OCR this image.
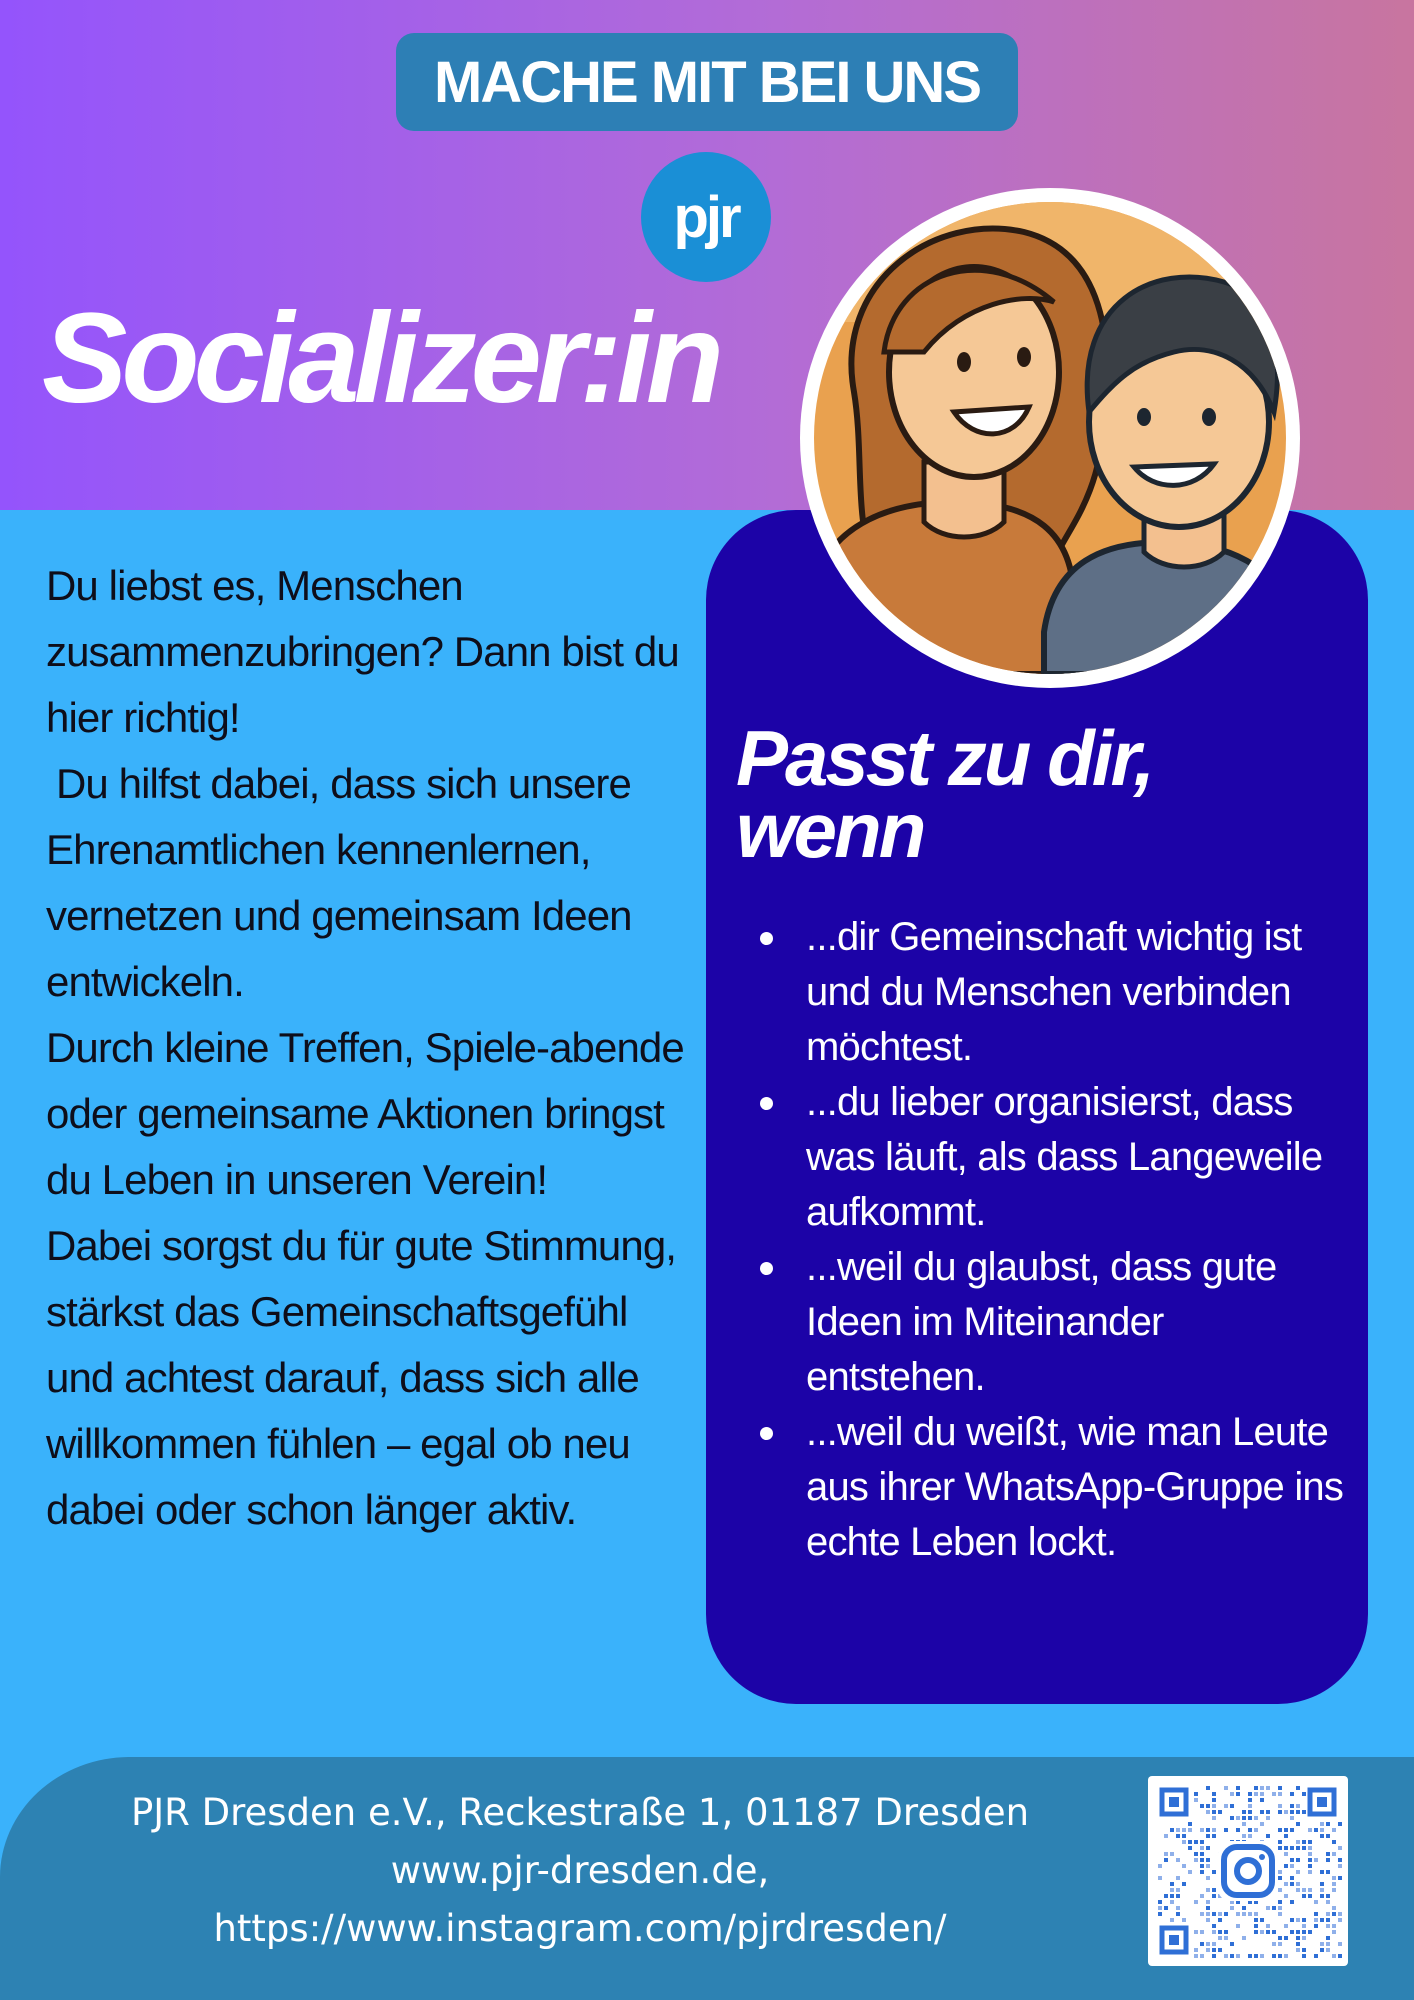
MACHE MIT BEI UNS
pjr
Socializer:in
Passt zu dir, wenn
...dir Gemeinschaft wichtig ist und du Menschen verbinden möchtest.
...du lieber organisierst, dass was läuft, als dass Langeweile aufkommt.
...weil du glaubst, dass gute Ideen im Miteinander entstehen.
...weil du weißt, wie man Leute aus ihrer WhatsApp-Gruppe ins echte Leben lockt.

Du liebst es, Menschen zusammenzubringen? Dann bist du hier richtig!

Du hilfst dabei, dass sich unsere Ehrenamtlichen kennenlernen, vernetzen und gemeinsam Ideen entwickeln.

Durch kleine Treffen, Spiele-abende oder gemeinsame Aktionen bringst du Leben in unseren Verein!

Dabei sorgst du für gute Stimmung, stärkst das Gemeinschaftsgefühl und achtest darauf, dass sich alle willkommen fühlen – egal ob neu dabei oder schon länger aktiv.

PJR Dresden e.V., Reckestraße 1, 01187 Dresden
www.pjr-dresden.de,
https://www.instagram.com/pjrdresden/
